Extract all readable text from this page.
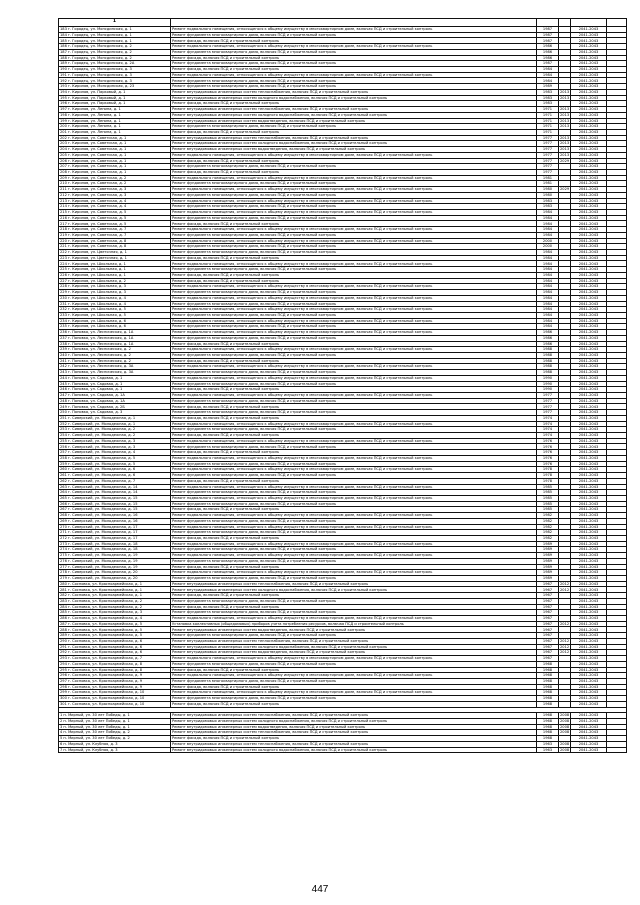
1					
183 г. Городец, ул. Мопсдинская, д. 1	Ремонт подвального помещения, относящегося к общему имуществу в многоквартирном доме, включая ПСД и строительный контроль	1987		2041-2043	
184 г. Городец, ул. Мопсдинская, д. 1	Ремонт фундамента многоквартирного дома, включая ПСД и строительный контроль	1987		2041-2043	
185 г. Городец, ул. Мопсдинская, д. 1	Ремонт фасада, включая ПСД и строительный контроль	1987		2041-2043	
186 г. Городец, ул. Мопсдинская, д. 2	Ремонт подвального помещения, относящегося к общему имуществу в многоквартирном доме, включая ПСД и строительный контроль	1986		2041-2043	
187 г. Городец, ул. Мопсдинская, д. 2	Ремонт фундамента многоквартирного дома, включая ПСД и строительный контроль	1986		2041-2043	
188 г. Городец, ул. Мопсдинская, д. 2	Ремонт фасада, включая ПСД и строительный контроль	1986		2041-2043	
189 г. Городец, ул. Мопсдинская, д. 2А	Ремонт фундамента многоквартирного дома, включая ПСД и строительный контроль	1987		2041-2043	
190 г. Городец, ул. Мопсдинская, д. 3	Ремонт фасада, включая ПСД и строительный контроль	1984		2041-2043	
191 г. Городец, ул. Мопсдинская, д. 3	Ремонт подвального помещения, относящегося к общему имуществу в многоквартирном доме, включая ПСД и строительный контроль	1984		2041-2043	
192 г. Городец, ул. Мопсдинская, д. 3	Ремонт фундамента многоквартирного дома, включая ПСД и строительный контроль	1984		2041-2043	
193 г. Кирилов, ул. Мопсдинская, д. 23	Ремонт фундамента многоквартирного дома, включая ПСД и строительный контроль	1989		2041-2043	
194 г. Кирилов, ул. Парковый, д. 1	Ремонт внутридомовых инженерных систем теплоснабжения, включая ПСД и строительный контроль	1983	2013	2041-2043	
195 г. Кирилов, ул. Парковый, д. 1	Ремонт внутридомовых инженерных систем холодного водоснабжения, включая ПСД и строительный контроль	1983	2013	2041-2043	
196 г. Кирилов, ул. Парковый, д. 1	Ремонт фасада, включая ПСД и строительный контроль	1983		2041-2043	
197 г. Кирилов, ул. Ленина, д. 1	Ремонт внутридомовых инженерных систем теплоснабжения, включая ПСД и строительный контроль	1971	2013	2041-2043	
198 г. Кирилов, ул. Ленина, д. 1	Ремонт внутридомовых инженерных систем холодного водоснабжения, включая ПСД и строительный контроль	1971	2013	2041-2043	
199 г. Кирилов, ул. Ленина, д. 1	Ремонт внутридомовых инженерных систем водоотведения, включая ПСД и строительный контроль	1971	2013	2041-2043	
200 г. Кирилов, ул. Ленина, д. 1	Ремонт фундамента многоквартирного дома, включая ПСД и строительный контроль	1971	2013	2041-2043	
201 г. Кирилов, ул. Ленина, д. 1	Ремонт фасада, включая ПСД и строительный контроль	1971		2041-2043	
202 г. Кирилов, ул. Советская, д. 1	Ремонт внутридомовых инженерных систем теплоснабжения, включая ПСД и строительный контроль	1977	2013	2041-2043	
203 г. Кирилов, ул. Советская, д. 1	Ремонт внутридомовых инженерных систем холодного водоснабжения, включая ПСД и строительный контроль	1977	2013	2041-2043	
204 г. Кирилов, ул. Советская, д. 1	Ремонт внутридомовых инженерных систем водоотведения, включая ПСД и строительный контроль	1977	2013	2041-2043	
205 г. Кирилов, ул. Советская, д. 1	Ремонт подвального помещения, относящегося к общему имуществу в многоквартирном доме, включая ПСД и строительный контроль	1977	2013	2041-2043	
206 г. Кирилов, ул. Советская, д. 1	Ремонт фасада, включая ПСД и строительный контроль	1977	2029	2041-2043	
207 г. Кирилов, ул. Советская, д. 1	Ремонт фундамента многоквартирного дома, включая ПСД и строительный контроль	1977		2041-2043	
208 г. Кирилов, ул. Советская, д. 1	Ремонт фасада, включая ПСД и строительный контроль	1977		2041-2043	
209 г. Кирилов, ул. Советская, д. 2	Ремонт подвального помещения, относящегося к общему имуществу в многоквартирном доме, включая ПСД и строительный контроль	1981		2041-2043	
210 г. Кирилов, ул. Советская, д. 2	Ремонт фундамента многоквартирного дома, включая ПСД и строительный контроль	1981		2041-2043	
211 г. Кирилов, ул. Советская, д. 3	Ремонт подвального помещения, относящегося к общему имуществу в многоквартирном доме, включая ПСД и строительный контроль	1980	2029	2041-2043	
212 г. Кирилов, ул. Советская, д. 3	Ремонт фундамента многоквартирного дома, включая ПСД и строительный контроль	1980		2041-2043	
213 г. Кирилов, ул. Советская, д. 4	Ремонт подвального помещения, относящегося к общему имуществу в многоквартирном доме, включая ПСД и строительный контроль	1983		2041-2043	
214 г. Кирилов, ул. Советская, д. 4	Ремонт фундамента многоквартирного дома, включая ПСД и строительный контроль	1983		2041-2043	
215 г. Кирилов, ул. Советская, д. 5	Ремонт подвального помещения, относящегося к общему имуществу в многоквартирном доме, включая ПСД и строительный контроль	1984		2041-2043	
216 г. Кирилов, ул. Советская, д. 5	Ремонт фундамента многоквартирного дома, включая ПСД и строительный контроль	1984		2041-2043	
217 г. Кирилов, ул. Советская, д. 5	Ремонт фасада, включая ПСД и строительный контроль	1984		2041-2043	
218 г. Кирилов, ул. Советская, д. 7	Ремонт подвального помещения, относящегося к общему имуществу в многоквартирном доме, включая ПСД и строительный контроль	1984		2041-2043	
219 г. Кирилов, ул. Советская, д. 7	Ремонт фундамента многоквартирного дома, включая ПСД и строительный контроль	1984		2041-2043	
220 г. Кирилов, ул. Советская, д. 8	Ремонт подвального помещения, относящегося к общему имуществу в многоквартирном доме, включая ПСД и строительный контроль	2000		2041-2043	
221 г. Кирилов, ул. Советская, д. 8	Ремонт фундамента многоквартирного дома, включая ПСД и строительный контроль	2000		2041-2043	
222 г. Кирилов, ул. Цветочная, д. 1	Ремонт фундамента многоквартирного дома, включая ПСД и строительный контроль	1984		2041-2043	
223 г. Кирилов, ул. Цветочная, д. 1	Ремонт фасада, включая ПСД и строительный контроль	1984		2041-2043	
224 г. Кирилов, ул. Школьная, д. 1	Ремонт подвального помещения, относящегося к общему имуществу в многоквартирном доме, включая ПСД и строительный контроль	1984		2041-2043	
225 г. Кирилов, ул. Школьная, д. 1	Ремонт фундамента многоквартирного дома, включая ПСД и строительный контроль	1984		2041-2043	
226 г. Кирилов, ул. Школьная, д. 1	Ремонт фасада, включая ПСД и строительный контроль	1984		2041-2043	
227 г. Кирилов, ул. Школьная, д. 2	Ремонт фасада, включая ПСД и строительный контроль	1984		2041-2043	
228 г. Кирилов, ул. Школьная, д. 3	Ремонт подвального помещения, относящегося к общему имуществу в многоквартирном доме, включая ПСД и строительный контроль	1984		2041-2043	
229 г. Кирилов, ул. Школьная, д. 3	Ремонт фундамента многоквартирного дома, включая ПСД и строительный контроль	1984		2041-2043	
230 г. Кирилов, ул. Школьная, д. 4	Ремонт подвального помещения, относящегося к общему имуществу в многоквартирном доме, включая ПСД и строительный контроль	1984		2041-2043	
231 г. Кирилов, ул. Школьная, д. 4	Ремонт фундамента многоквартирного дома, включая ПСД и строительный контроль	1984		2041-2043	
232 г. Кирилов, ул. Школьная, д. 5	Ремонт подвального помещения, относящегося к общему имуществу в многоквартирном доме, включая ПСД и строительный контроль	1984		2041-2043	
233 г. Кирилов, ул. Школьная, д. 5	Ремонт фундамента многоквартирного дома, включая ПСД и строительный контроль	1984		2041-2043	
234 г. Кирилов, ул. Школьная, д. 6	Ремонт подвального помещения, относящегося к общему имуществу в многоквартирном доме, включая ПСД и строительный контроль	1984		2041-2043	
235 г. Кирилов, ул. Школьная, д. 6	Ремонт фундамента многоквартирного дома, включая ПСД и строительный контроль	1984		2041-2043	
236 г. Поповка, ул. Лесническая, д. 1А	Ремонт подвального помещения, относящегося к общему имуществу в многоквартирном доме, включая ПСД и строительный контроль	1986		2041-2043	
237 г. Поповка, ул. Лесническая, д. 1А	Ремонт фундамента многоквартирного дома, включая ПСД и строительный контроль	1986		2041-2043	
238 г. Поповка, ул. Лесническая, д. 1А	Ремонт фасада, включая ПСД и строительный контроль	1986		2041-2043	
239 г. Поповка, ул. Лесническая, д. 2	Ремонт подвального помещения, относящегося к общему имуществу в многоквартирном доме, включая ПСД и строительный контроль	1988		2041-2043	
240 г. Поповка, ул. Лесническая, д. 2	Ремонт фундамента многоквартирного дома, включая ПСД и строительный контроль	1988		2041-2043	
241 г. Поповка, ул. Лесническая, д. 2	Ремонт фасада, включая ПСД и строительный контроль	1988		2041-2043	
242 г. Поповка, ул. Лесническая, д. 3А	Ремонт подвального помещения, относящегося к общему имуществу в многоквартирном доме, включая ПСД и строительный контроль	1988		2041-2043	
243 г. Поповка, ул. Лесническая, д. 3А	Ремонт фундамента многоквартирного дома, включая ПСД и строительный контроль	1988		2041-2043	
244 г. Поповка, ул. Садовая, д. 1	Ремонт подвального помещения, относящегося к общему имуществу в многоквартирном доме, включая ПСД и строительный контроль	1990		2041-2043	
245 г. Поповка, ул. Садовая, д. 1	Ремонт фундамента многоквартирного дома, включая ПСД и строительный контроль	1990		2041-2043	
246 г. Поповка, ул. Садовая, д. 1	Ремонт фасада, включая ПСД и строительный контроль	1990		2041-2043	
247 г. Поповка, ул. Садовая, д. 1А	Ремонт подвального помещения, относящегося к общему имуществу в многоквартирном доме, включая ПСД и строительный контроль	1977		2041-2043	
248 г. Поповка, ул. Садовая, д. 1А	Ремонт фундамента многоквартирного дома, включая ПСД и строительный контроль	1977		2041-2043	
249 г. Поповка, ул. Садовая, д. 2Б	Ремонт фасада, включая ПСД и строительный контроль	1977		2041-2043	
250 г. Поповка, ул. Садовая, д. 3	Ремонт фундамента многоквартирного дома, включая ПСД и строительный контроль	1977		2041-2043	
251 г. Сиверский, ул. Молодежная, д. 1	Ремонт фасада, включая ПСД и строительный контроль	1974		2041-2043	
252 г. Сиверский, ул. Молодежная, д. 1	Ремонт подвального помещения, относящегося к общему имуществу в многоквартирном доме, включая ПСД и строительный контроль	1974		2041-2043	
253 г. Сиверский, ул. Молодежная, д. 2	Ремонт фундамента многоквартирного дома, включая ПСД и строительный контроль	1974		2041-2043	
254 г. Сиверский, ул. Молодежная, д. 2	Ремонт фасада, включая ПСД и строительный контроль	1974		2041-2043	
255 г. Сиверский, ул. Молодежная, д. 3	Ремонт подвального помещения, относящегося к общему имуществу в многоквартирном доме, включая ПСД и строительный контроль	1976		2041-2043	
256 г. Сиверский, ул. Молодежная, д. 3	Ремонт фундамента многоквартирного дома, включая ПСД и строительный контроль	1976		2041-2043	
257 г. Сиверский, ул. Молодежная, д. 4	Ремонт фасада, включая ПСД и строительный контроль	1976		2041-2043	
258 г. Сиверский, ул. Молодежная, д. 5	Ремонт подвального помещения, относящегося к общему имуществу в многоквартирном доме, включая ПСД и строительный контроль	1976		2041-2043	
259 г. Сиверский, ул. Молодежная, д. 5	Ремонт фундамента многоквартирного дома, включая ПСД и строительный контроль	1976		2041-2043	
260 г. Сиверский, ул. Молодежная, д. 6	Ремонт подвального помещения, относящегося к общему имуществу в многоквартирном доме, включая ПСД и строительный контроль	1978		2041-2043	
261 г. Сиверский, ул. Молодежная, д. 6	Ремонт фундамента многоквартирного дома, включая ПСД и строительный контроль	1978		2041-2043	
262 г. Сиверский, ул. Молодежная, д. 7	Ремонт фасада, включая ПСД и строительный контроль	1978		2041-2043	
263 г. Сиверский, ул. Молодежная, д. 14	Ремонт подвального помещения, относящегося к общему имуществу в многоквартирном доме, включая ПСД и строительный контроль	1985		2041-2043	
264 г. Сиверский, ул. Молодежная, д. 14	Ремонт фундамента многоквартирного дома, включая ПСД и строительный контроль	1985		2041-2043	
265 г. Сиверский, ул. Молодежная, д. 15	Ремонт подвального помещения, относящегося к общему имуществу в многоквартирном доме, включая ПСД и строительный контроль	1985		2041-2043	
266 г. Сиверский, ул. Молодежная, д. 15	Ремонт фундамента многоквартирного дома, включая ПСД и строительный контроль	1985		2041-2043	
267 г. Сиверский, ул. Молодежная, д. 15	Ремонт фасада, включая ПСД и строительный контроль	1985		2041-2043	
268 г. Сиверский, ул. Молодежная, д. 16	Ремонт подвального помещения, относящегося к общему имуществу в многоквартирном доме, включая ПСД и строительный контроль	1982		2041-2043	
269 г. Сиверский, ул. Молодежная, д. 16	Ремонт фундамента многоквартирного дома, включая ПСД и строительный контроль	1982		2041-2043	
270 г. Сиверский, ул. Молодежная, д. 17	Ремонт подвального помещения, относящегося к общему имуществу в многоквартирном доме, включая ПСД и строительный контроль	1982		2041-2043	
271 г. Сиверский, ул. Молодежная, д. 17	Ремонт фундамента многоквартирного дома, включая ПСД и строительный контроль	1982		2041-2043	
272 г. Сиверский, ул. Молодежная, д. 17	Ремонт фасада, включая ПСД и строительный контроль	1982		2041-2043	
273 г. Сиверский, ул. Молодежная, д. 18	Ремонт подвального помещения, относящегося к общему имуществу в многоквартирном доме, включая ПСД и строительный контроль	1989		2041-2043	
274 г. Сиверский, ул. Молодежная, д. 18	Ремонт фундамента многоквартирного дома, включая ПСД и строительный контроль	1989		2041-2043	
275 г. Сиверский, ул. Молодежная, д. 19	Ремонт подвального помещения, относящегося к общему имуществу в многоквартирном доме, включая ПСД и строительный контроль	1989		2041-2043	
276 г. Сиверский, ул. Молодежная, д. 19	Ремонт фундамента многоквартирного дома, включая ПСД и строительный контроль	1989		2041-2043	
277 г. Сиверский, ул. Молодежная, д. 19	Ремонт фасада, включая ПСД и строительный контроль	1989		2041-2043	
278 г. Сиверский, ул. Молодежная, д. 20	Ремонт подвального помещения, относящегося к общему имуществу в многоквартирном доме, включая ПСД и строительный контроль	1989		2041-2043	
279 г. Сиверский, ул. Молодежная, д. 20	Ремонт фундамента многоквартирного дома, включая ПСД и строительный контроль	1989		2041-2043	
280 г. Сосновка, ул. Красноармейская, д. 1	Ремонт внутридомовых инженерных систем теплоснабжения, включая ПСД и строительный контроль	1967	2012	2041-2043	
281 г. Сосновка, ул. Красноармейская, д. 1	Ремонт внутридомовых инженерных систем холодного водоснабжения, включая ПСД и строительный контроль	1967	2012	2041-2043	
282 г. Сосновка, ул. Красноармейская, д. 1	Ремонт фасада, включая ПСД и строительный контроль	1967		2041-2043	
283 г. Сосновка, ул. Красноармейская, д. 2	Ремонт фундамента многоквартирного дома, включая ПСД и строительный контроль	1967		2041-2043	
284 г. Сосновка, ул. Красноармейская, д. 2	Ремонт фасада, включая ПСД и строительный контроль	1967		2041-2043	
285 г. Сосновка, ул. Красноармейская, д. 3	Ремонт фундамента многоквартирного дома, включая ПСД и строительный контроль	1967		2041-2043	
286 г. Сосновка, ул. Красноармейская, д. 4	Ремонт подвального помещения, относящегося к общему имуществу в многоквартирном доме, включая ПСД и строительный контроль	1967		2041-2043	
287 г. Сосновка, ул. Красноармейская, д. 5	Установка коллективных (общедомовых) приборов учета потребления ресурсов, включая ПСД и строительный контроль	1967	2012	2041-2043	
288 г. Сосновка, ул. Красноармейская, д. 5	Ремонт внутридомовых инженерных систем водоотведения, включая ПСД и строительный контроль	1967		2041-2043	
289 г. Сосновка, ул. Красноармейская, д. 5	Ремонт фундамента многоквартирного дома, включая ПСД и строительный контроль	1967		2041-2043	
290 г. Сосновка, ул. Красноармейская, д. 6	Ремонт внутридомовых инженерных систем теплоснабжения, включая ПСД и строительный контроль	1967	2012	2041-2043	
291 г. Сосновка, ул. Красноармейская, д. 6	Ремонт внутридомовых инженерных систем холодного водоснабжения, включая ПСД и строительный контроль	1967	2012	2041-2043	
292 г. Сосновка, ул. Красноармейская, д. 6	Ремонт внутридомовых инженерных систем водоотведения, включая ПСД и строительный контроль	1967	2012	2041-2043	
293 г. Сосновка, ул. Красноармейская, д. 7	Ремонт подвального помещения, относящегося к общему имуществу в многоквартирном доме, включая ПСД и строительный контроль	1967		2041-2043	
294 г. Сосновка, ул. Красноармейская, д. 8	Ремонт фундамента многоквартирного дома, включая ПСД и строительный контроль	1968		2041-2043	
295 г. Сосновка, ул. Красноармейская, д. 8	Ремонт фасада, включая ПСД и строительный контроль	1968		2041-2043	
296 г. Сосновка, ул. Красноармейская, д. 9	Ремонт подвального помещения, относящегося к общему имуществу в многоквартирном доме, включая ПСД и строительный контроль	1968		2041-2043	
297 г. Сосновка, ул. Красноармейская, д. 9	Ремонт фундамента многоквартирного дома, включая ПСД и строительный контроль	1968		2041-2043	
298 г. Сосновка, ул. Красноармейская, д. 9	Ремонт фасада, включая ПСД и строительный контроль	1968		2041-2043	
299 г. Сосновка, ул. Красноармейская, д. 10	Ремонт подвального помещения, относящегося к общему имуществу в многоквартирном доме, включая ПСД и строительный контроль	1968		2041-2043	
300 г. Сосновка, ул. Красноармейская, д. 10	Ремонт фундамента многоквартирного дома, включая ПСД и строительный контроль	1968		2041-2043	
301 г. Сосновка, ул. Красноармейская, д. 10	Ремонт фасада, включая ПСД и строительный контроль	1968		2041-2043	

1 п. Мирный, ул. 30 лет Победы, д. 1	Ремонт внутридомовых инженерных систем теплоснабжения, включая ПСД и строительный контроль	1968	2008	2041-2043	
2 п. Мирный, ул. 30 лет Победы, д. 1	Ремонт внутридомовых инженерных систем холодного водоснабжения, включая ПСД и строительный контроль	1968	2008	2041-2043	
3 п. Мирный, ул. 30 лет Победы, д. 1	Ремонт внутридомовых инженерных систем водоотведения, включая ПСД и строительный контроль	1968	2008	2041-2043	
4 п. Мирный, ул. 30 лет Победы, д. 2	Ремонт внутридомовых инженерных систем теплоснабжения, включая ПСД и строительный контроль	1968	2008	2041-2043	
5 п. Мирный, ул. 30 лет Победы, д. 2	Ремонт фасада, включая ПСД и строительный контроль	1968		2041-2043	
6 п. Мирный, ул. Клубная, д. 3	Ремонт внутридомовых инженерных систем теплоснабжения, включая ПСД и строительный контроль	1963	2008	2041-2043	
7 п. Мирный, ул. Клубная, д. 3	Ремонт внутридомовых инженерных систем холодного водоснабжения, включая ПСД и строительный контроль	1963	2008	2041-2043	
447
